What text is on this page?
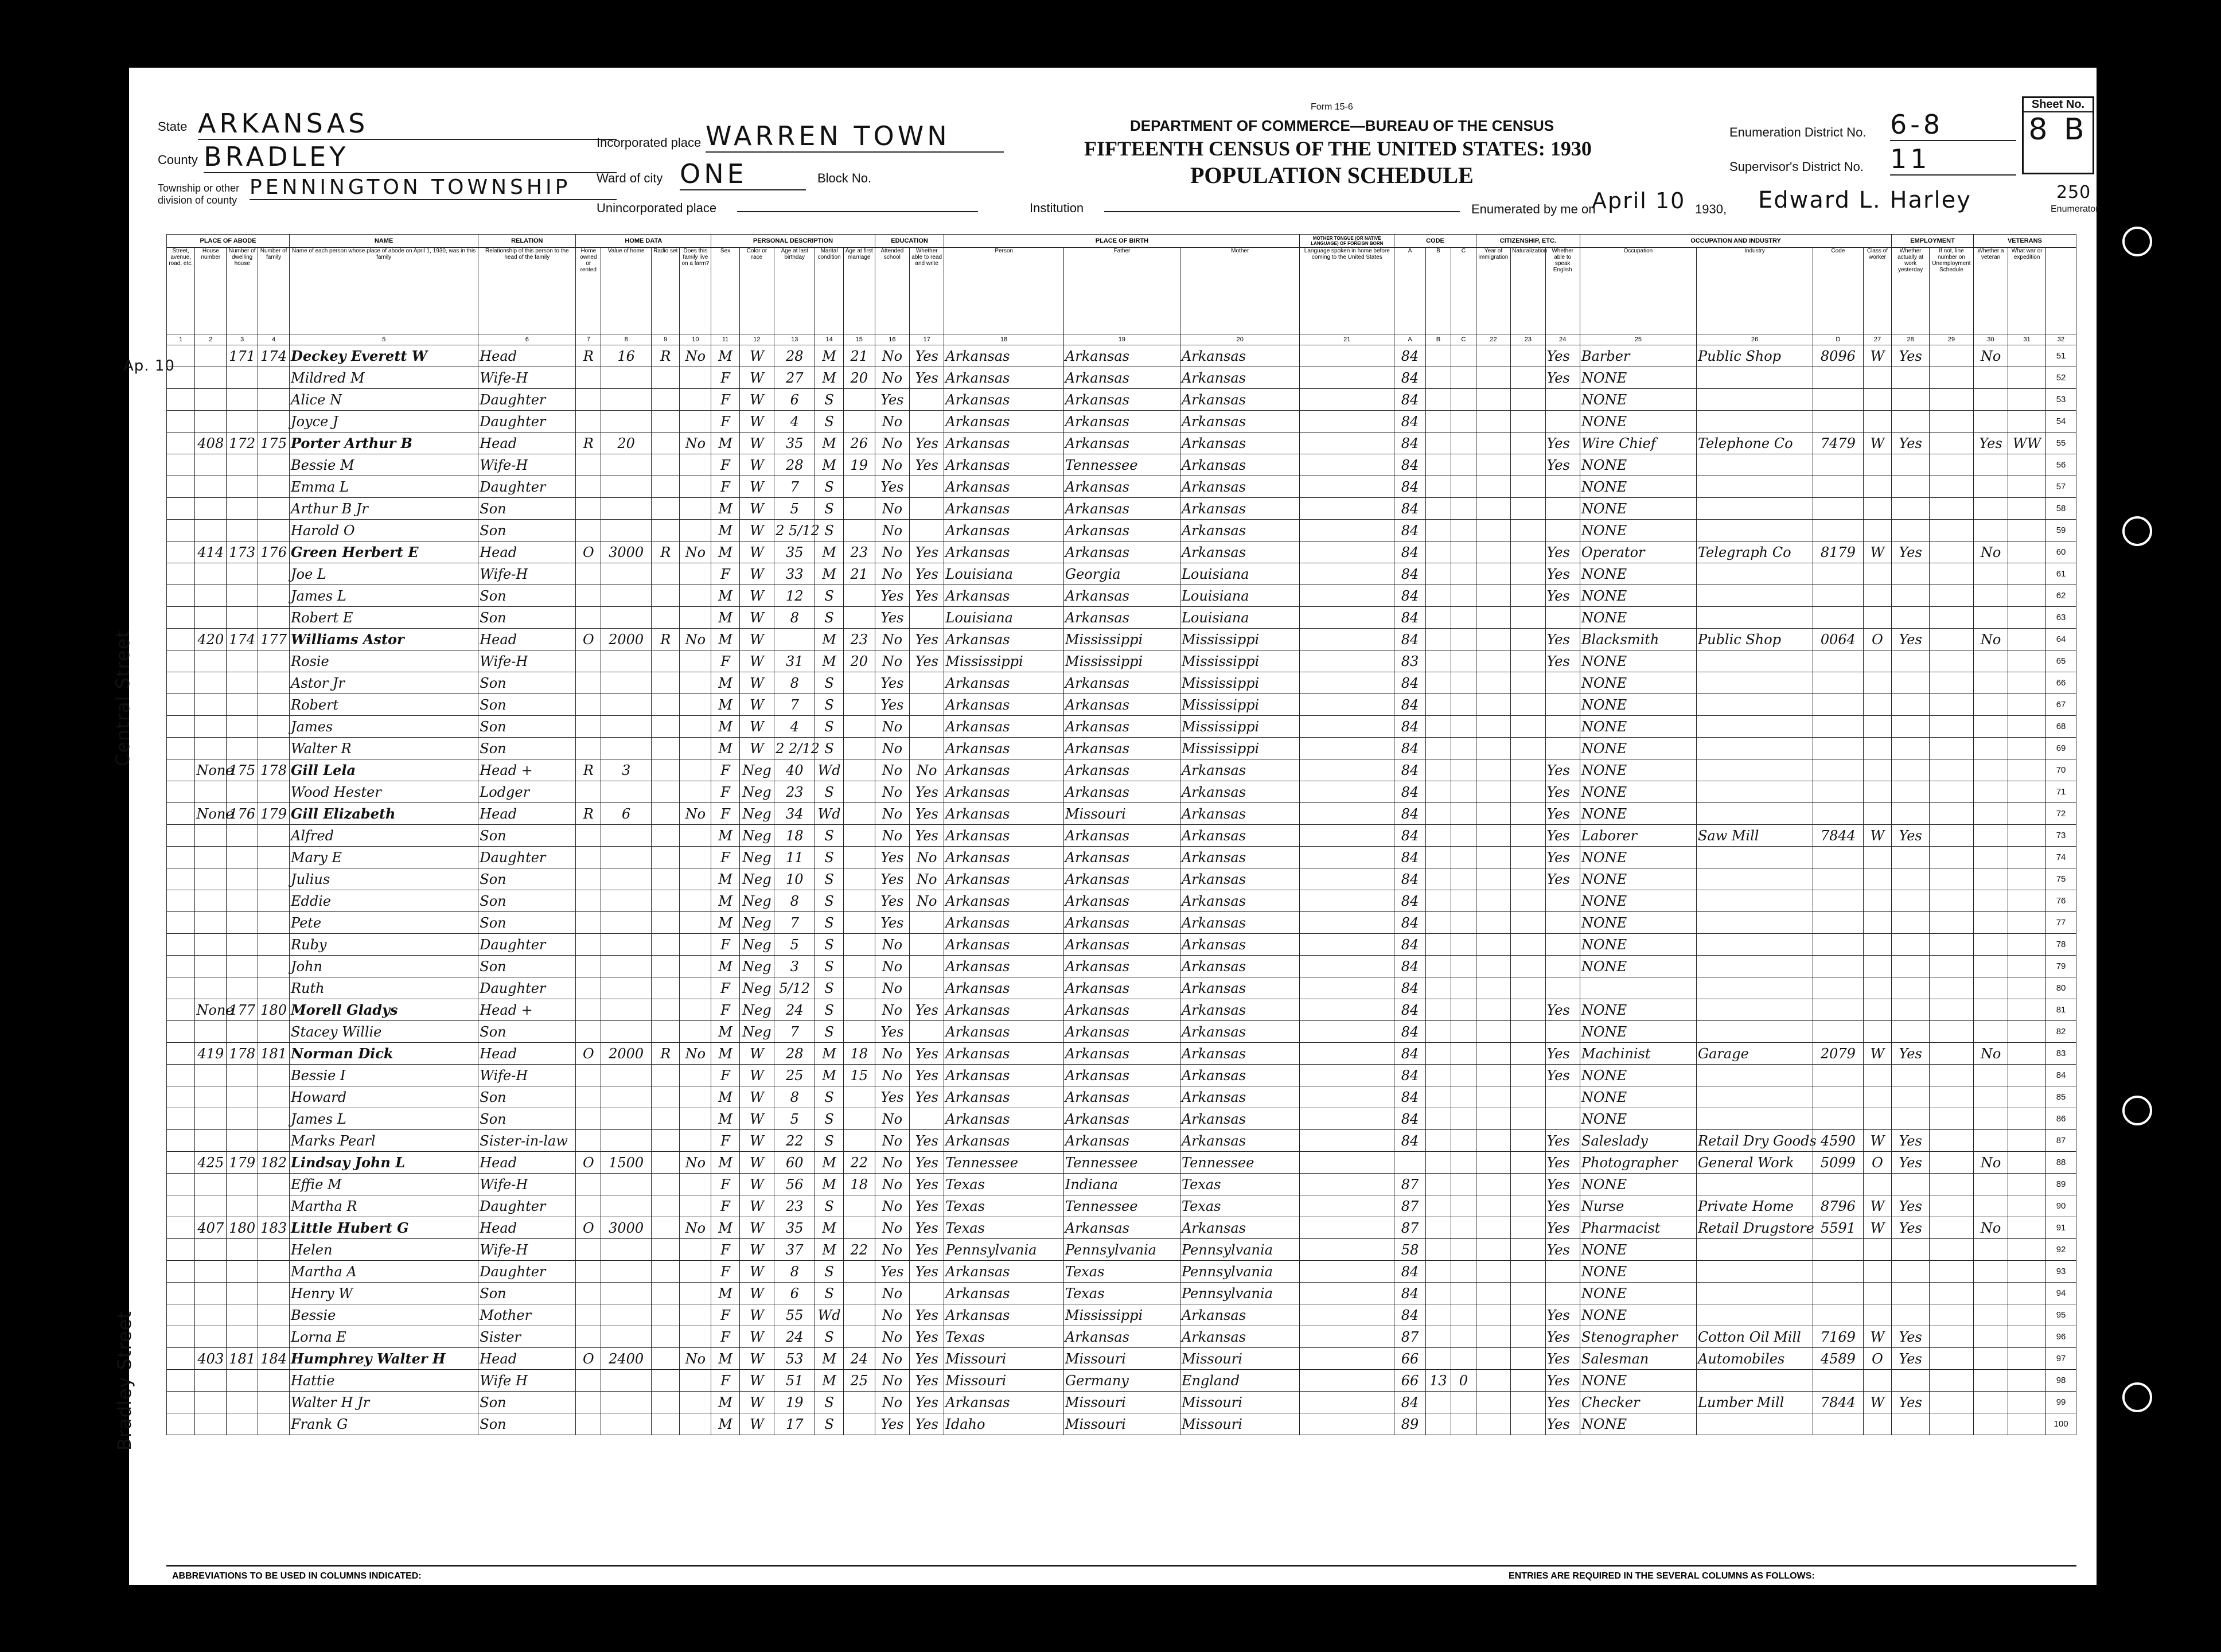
State ARKANSAS
County BRADLEY
Township or other division of county
PENNINGTON TOWNSHIP
Incorporated place WARREN TOWN
Ward of city ONE	Block No.
Unincorporated place
Form 15-6
DEPARTMENT OF COMMERCE—BUREAU OF THE CENSUS
FIFTEENTH CENSUS OF THE UNITED STATES: 1930
POPULATION SCHEDULE
Institution
Enumeration District No. 6-8
Supervisor's District No. 11
Sheet No.
8 B
Enumerated by me on
April 10 1930, Edward L. Harley	250
Enumerator.
Ap. 10
Central Street
Bradley Street
PLACE OF ABODE				NAME	RELATION	HOME DATA				PERSONAL DESCRIPTION					EDUCATION		PLACE OF BIRTH			MOTHER TONGUE (OR NATIVE LANGUAGE) OF FOREIGN BORN	CODE			CITIZENSHIP, ETC.			OCCUPATION AND INDUSTRY				EMPLOYMENT		VETERANS		
Street, avenue, road, etc.	House number	Number of dwelling house	Number of family	Name of each person whose place of abode on April 1, 1930, was in this family	Relationship of this person to the head of the family	Home owned or rented	Value of home	Radio set	Does this family live on a farm?	Sex	Color or race	Age at last birthday	Marital condition	Age at first marriage	Attended school	Whether able to read and write	Person	Father	Mother	Language spoken in home before coming to the United States	A	B	C	Year of immigration	Naturalization	Whether able to speak English	Occupation	Industry	Code	Class of worker	Whether actually at work yesterday	If not, line number on Unemployment Schedule	Whether a veteran	What war or expedition	
1	2	3	4	5	6	7	8	9	10	11	12	13	14	15	16	17	18	19	20	21	A	B	C	22	23	24	25	26	D	27	28	29	30	31	32
		171	174	Deckey Everett W	Head	R	16	R	No	M	W	28	M	21	No	Yes	Arkansas	Arkansas	Arkansas		84					Yes	Barber	Public Shop	8096	W	Yes		No		51
				Mildred M	Wife-H					F	W	27	M	20	No	Yes	Arkansas	Arkansas	Arkansas		84					Yes	NONE								52
				Alice N	Daughter					F	W	6	S		Yes		Arkansas	Arkansas	Arkansas		84						NONE								53
				Joyce J	Daughter					F	W	4	S		No		Arkansas	Arkansas	Arkansas		84						NONE								54
	408	172	175	Porter Arthur B	Head	R	20		No	M	W	35	M	26	No	Yes	Arkansas	Arkansas	Arkansas		84					Yes	Wire Chief	Telephone Co	7479	W	Yes		Yes	WW	55
				Bessie M	Wife-H					F	W	28	M	19	No	Yes	Arkansas	Tennessee	Arkansas		84					Yes	NONE								56
				Emma L	Daughter					F	W	7	S		Yes		Arkansas	Arkansas	Arkansas		84						NONE								57
				Arthur B Jr	Son					M	W	5	S		No		Arkansas	Arkansas	Arkansas		84						NONE								58
				Harold O	Son					M	W	2 5/12	S		No		Arkansas	Arkansas	Arkansas		84						NONE								59
	414	173	176	Green Herbert E	Head	O	3000	R	No	M	W	35	M	23	No	Yes	Arkansas	Arkansas	Arkansas		84					Yes	Operator	Telegraph Co	8179	W	Yes		No		60
				Joe L	Wife-H					F	W	33	M	21	No	Yes	Louisiana	Georgia	Louisiana		84					Yes	NONE								61
				James L	Son					M	W	12	S		Yes	Yes	Arkansas	Arkansas	Louisiana		84					Yes	NONE								62
				Robert E	Son					M	W	8	S		Yes		Louisiana	Arkansas	Louisiana		84						NONE								63
	420	174	177	Williams Astor	Head	O	2000	R	No	M	W		M	23	No	Yes	Arkansas	Mississippi	Mississippi		84					Yes	Blacksmith	Public Shop	0064	O	Yes		No		64
				Rosie	Wife-H					F	W	31	M	20	No	Yes	Mississippi	Mississippi	Mississippi		83					Yes	NONE								65
				Astor Jr	Son					M	W	8	S		Yes		Arkansas	Arkansas	Mississippi		84						NONE								66
				Robert	Son					M	W	7	S		Yes		Arkansas	Arkansas	Mississippi		84						NONE								67
				James	Son					M	W	4	S		No		Arkansas	Arkansas	Mississippi		84						NONE								68
				Walter R	Son					M	W	2 2/12	S		No		Arkansas	Arkansas	Mississippi		84						NONE								69
	None	175	178	Gill Lela	Head +	R	3			F	Neg	40	Wd		No	No	Arkansas	Arkansas	Arkansas		84					Yes	NONE								70
				Wood Hester	Lodger					F	Neg	23	S		No	Yes	Arkansas	Arkansas	Arkansas		84					Yes	NONE								71
	None	176	179	Gill Elizabeth	Head	R	6		No	F	Neg	34	Wd		No	Yes	Arkansas	Missouri	Arkansas		84					Yes	NONE								72
				Alfred	Son					M	Neg	18	S		No	Yes	Arkansas	Arkansas	Arkansas		84					Yes	Laborer	Saw Mill	7844	W	Yes				73
				Mary E	Daughter					F	Neg	11	S		Yes	No	Arkansas	Arkansas	Arkansas		84					Yes	NONE								74
				Julius	Son					M	Neg	10	S		Yes	No	Arkansas	Arkansas	Arkansas		84					Yes	NONE								75
				Eddie	Son					M	Neg	8	S		Yes	No	Arkansas	Arkansas	Arkansas		84						NONE								76
				Pete	Son					M	Neg	7	S		Yes		Arkansas	Arkansas	Arkansas		84						NONE								77
				Ruby	Daughter					F	Neg	5	S		No		Arkansas	Arkansas	Arkansas		84						NONE								78
				John	Son					M	Neg	3	S		No		Arkansas	Arkansas	Arkansas		84						NONE								79
				Ruth	Daughter					F	Neg	5/12	S		No		Arkansas	Arkansas	Arkansas		84														80
	None	177	180	Morell Gladys	Head +					F	Neg	24	S		No	Yes	Arkansas	Arkansas	Arkansas		84					Yes	NONE								81
				Stacey Willie	Son					M	Neg	7	S		Yes		Arkansas	Arkansas	Arkansas		84						NONE								82
	419	178	181	Norman Dick	Head	O	2000	R	No	M	W	28	M	18	No	Yes	Arkansas	Arkansas	Arkansas		84					Yes	Machinist	Garage	2079	W	Yes		No		83
				Bessie I	Wife-H					F	W	25	M	15	No	Yes	Arkansas	Arkansas	Arkansas		84					Yes	NONE								84
				Howard	Son					M	W	8	S		Yes	Yes	Arkansas	Arkansas	Arkansas		84						NONE								85
				James L	Son					M	W	5	S		No		Arkansas	Arkansas	Arkansas		84						NONE								86
				Marks Pearl	Sister-in-law					F	W	22	S		No	Yes	Arkansas	Arkansas	Arkansas		84					Yes	Saleslady	Retail Dry Goods	4590	W	Yes				87
	425	179	182	Lindsay John L	Head	O	1500		No	M	W	60	M	22	No	Yes	Tennessee	Tennessee	Tennessee							Yes	Photographer	General Work	5099	O	Yes		No		88
				Effie M	Wife-H					F	W	56	M	18	No	Yes	Texas	Indiana	Texas		87					Yes	NONE								89
				Martha R	Daughter					F	W	23	S		No	Yes	Texas	Tennessee	Texas		87					Yes	Nurse	Private Home	8796	W	Yes				90
	407	180	183	Little Hubert G	Head	O	3000		No	M	W	35	M		No	Yes	Texas	Arkansas	Arkansas		87					Yes	Pharmacist	Retail Drugstore	5591	W	Yes		No		91
				Helen	Wife-H					F	W	37	M	22	No	Yes	Pennsylvania	Pennsylvania	Pennsylvania		58					Yes	NONE								92
				Martha A	Daughter					F	W	8	S		Yes	Yes	Arkansas	Texas	Pennsylvania		84						NONE								93
				Henry W	Son					M	W	6	S		No		Arkansas	Texas	Pennsylvania		84						NONE								94
				Bessie	Mother					F	W	55	Wd		No	Yes	Arkansas	Mississippi	Arkansas		84					Yes	NONE								95
				Lorna E	Sister					F	W	24	S		No	Yes	Texas	Arkansas	Arkansas		87					Yes	Stenographer	Cotton Oil Mill	7169	W	Yes				96
	403	181	184	Humphrey Walter H	Head	O	2400		No	M	W	53	M	24	No	Yes	Missouri	Missouri	Missouri		66					Yes	Salesman	Automobiles	4589	O	Yes				97
				Hattie	Wife H					F	W	51	M	25	No	Yes	Missouri	Germany	England		66	13	0			Yes	NONE								98
				Walter H Jr	Son					M	W	19	S		No	Yes	Arkansas	Missouri	Missouri		84					Yes	Checker	Lumber Mill	7844	W	Yes				99
				Frank G	Son					M	W	17	S		Yes	Yes	Idaho	Missouri	Missouri		89					Yes	NONE								100
ABBREVIATIONS TO BE USED IN COLUMNS INDICATED:	ENTRIES ARE REQUIRED IN THE SEVERAL COLUMNS AS FOLLOWS:
